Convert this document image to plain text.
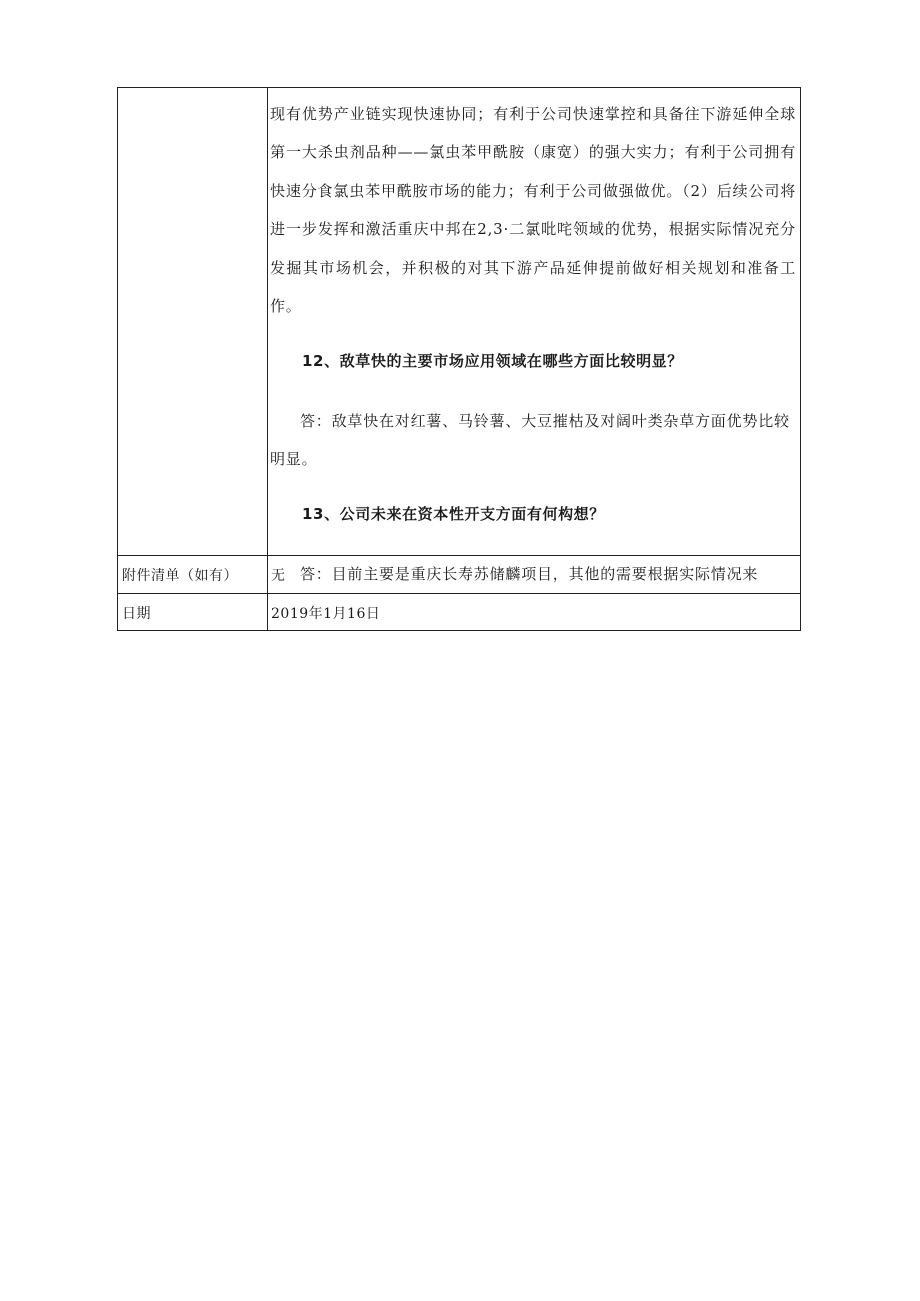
现有优势产业链实现快速协同；有利于公司快速掌控和具备往下游延伸全球第一大杀虫剂品种——氯虫苯甲酰胺（康宽）的强大实力；有利于公司拥有快速分食氯虫苯甲酰胺市场的能力；有利于公司做强做优。（2）后续公司将进一步发挥和激活重庆中邦在2,3·二氯吡咤领域的优势，根据实际情况充分发掘其市场机会，并积极的对其下游产品延伸提前做好相关规划和准备工作。

12、敌草快的主要市场应用领域在哪些方面比较明显？

答：敌草快在对红薯、马铃薯、大豆摧枯及对阔叶类杂草方面优势比较明显。

13、公司未来在资本性开支方面有何构想？

答：目前主要是重庆长寿苏储麟项目，其他的需要根据实际情况来

附件清单（如有） 无
日期	2019年1月16日
